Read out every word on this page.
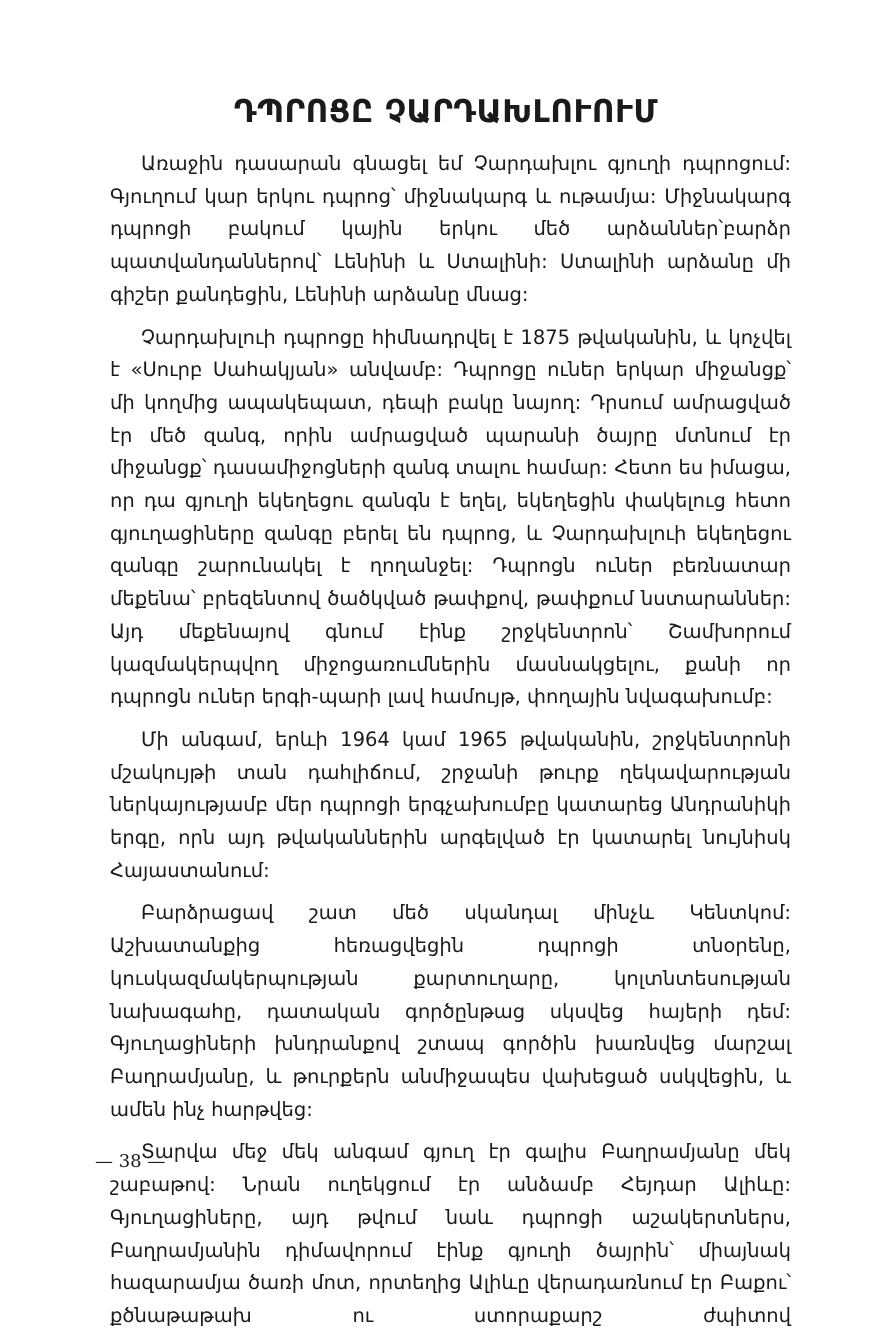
ԴՊՐՈՑԸ ՉԱՐԴԱԽԼՈՒՈՒՄ

Առաջին դասարան գնացել եմ Չարդախլու գյուղի դպրոցում: Գյուղում կար երկու դպրոց՝ միջնակարգ և ութամյա: Միջնակարգ դպրոցի բակում կային երկու մեծ արձաններ՝բարձր պատվանդաններով՝ Լենինի և Ստալինի: Ստալինի արձանը մի գիշեր քանդեցին, Լենինի արձանը մնաց:

Չարդախլուի դպրոցը հիմնադրվել է 1875 թվականին, և կոչվել է «Սուրբ Սահակյան» անվամբ: Դպրոցը ուներ երկար միջանցք՝ մի կողմից ապակեպատ, դեպի բակը նայող: Դրսում ամրացված էր մեծ զանգ, որին ամրացված պարանի ծայրը մտնում էր միջանցք՝ դասամիջոցների զանգ տալու համար: Հետո ես իմացա, որ դա գյուղի եկեղեցու զանգն է եղել, եկեղեցին փակելուց հետո գյուղացիները զանգը բերել են դպրոց, և Չարդախլուի եկեղեցու զանգը շարունակել է ղողանջել: Դպրոցն ուներ բեռնատար մեքենա՝ բրեզենտով ծածկված թափքով, թափքում նստարաններ: Այդ մեքենայով գնում էինք շրջկենտրոն՝ Շամխորում կազմակերպվող միջոցառումներին մասնակցելու, քանի որ դպրոցն ուներ երգի-պարի լավ համույթ, փողային նվագախումբ:

Մի անգամ, երևի 1964 կամ 1965 թվականին, շրջկենտրոնի մշակույթի տան դահլիճում, շրջանի թուրք ղեկավարության ներկայությամբ մեր դպրոցի երգչախումբը կատարեց Անդրանիկի երգը, որն այդ թվականներին արգելված էր կատարել նույնիսկ Հայաստանում:

Բարձրացավ շատ մեծ սկանդալ մինչև Կենտկոմ: Աշխատանքից հեռացվեցին դպրոցի տնօրենը, կուսկազմակերպության քարտուղարը, կոլտնտեսության նախագահը, դատական գործընթաց սկսվեց հայերի դեմ: Գյուղացիների խնդրանքով շտապ գործին խառնվեց մարշալ Բաղրամյանը, և թուրքերն անմիջապես վախեցած սսկվեցին, և ամեն ինչ հարթվեց:

Տարվա մեջ մեկ անգամ գյուղ էր գալիս Բաղրամյանը մեկ շաբաթով: Նրան ուղեկցում էր անձամբ Հեյդար Ալիևը: Գյուղացիները, այդ թվում նաև դպրոցի աշակերտներս, Բաղրամյանին դիմավորում էինք գյուղի ծայրին՝ միայնակ հազարամյա ծառի մոտ, որտեղից Ալիևը վերադառնում էր Բաքու՝ քծնաթաթախ ու ստորաքարշ ժպիտով

— 38 —
